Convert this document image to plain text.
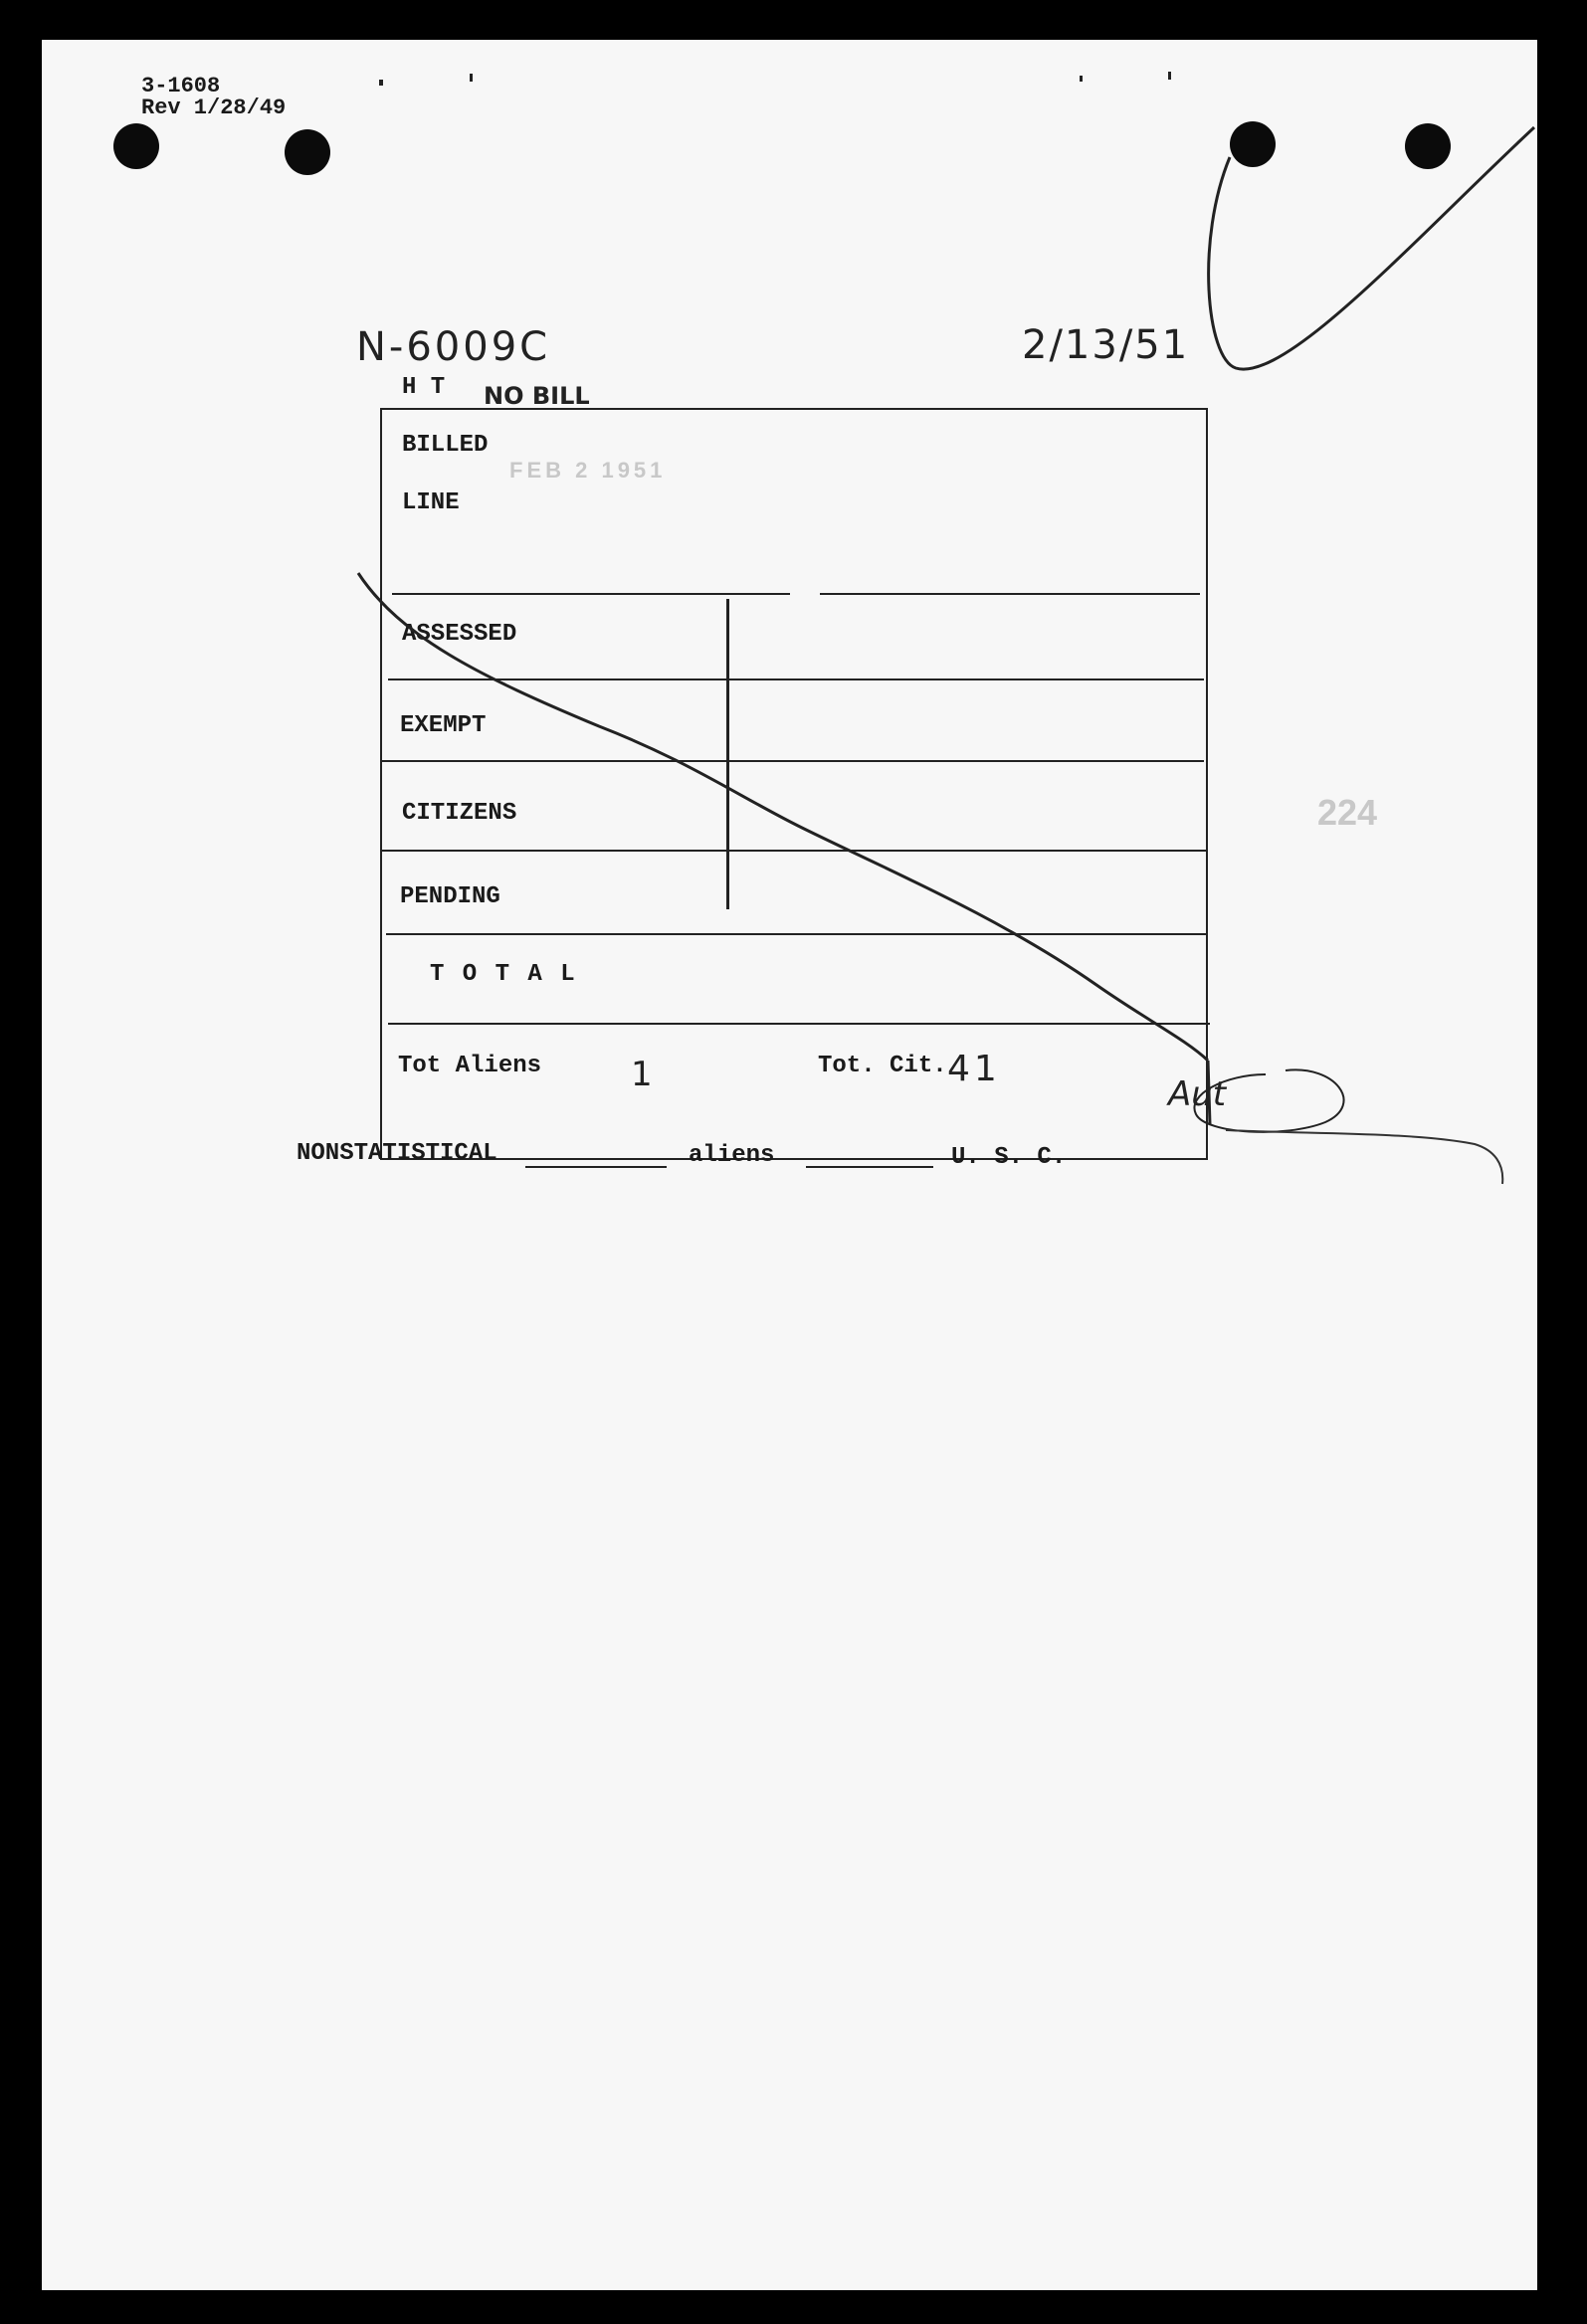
3-1608
Rev 1/28/49
N-6009C	2/13/51
224
H T NO BILL
BILLED
LINE
FEB 2 1951
ASSESSED
EXEMPT
CITIZENS
PENDING
T O T A L
Tot Aliens	1	Tot. Cit. 41
NONSTATISTICAL	aliens	U. S. C.
Aut
